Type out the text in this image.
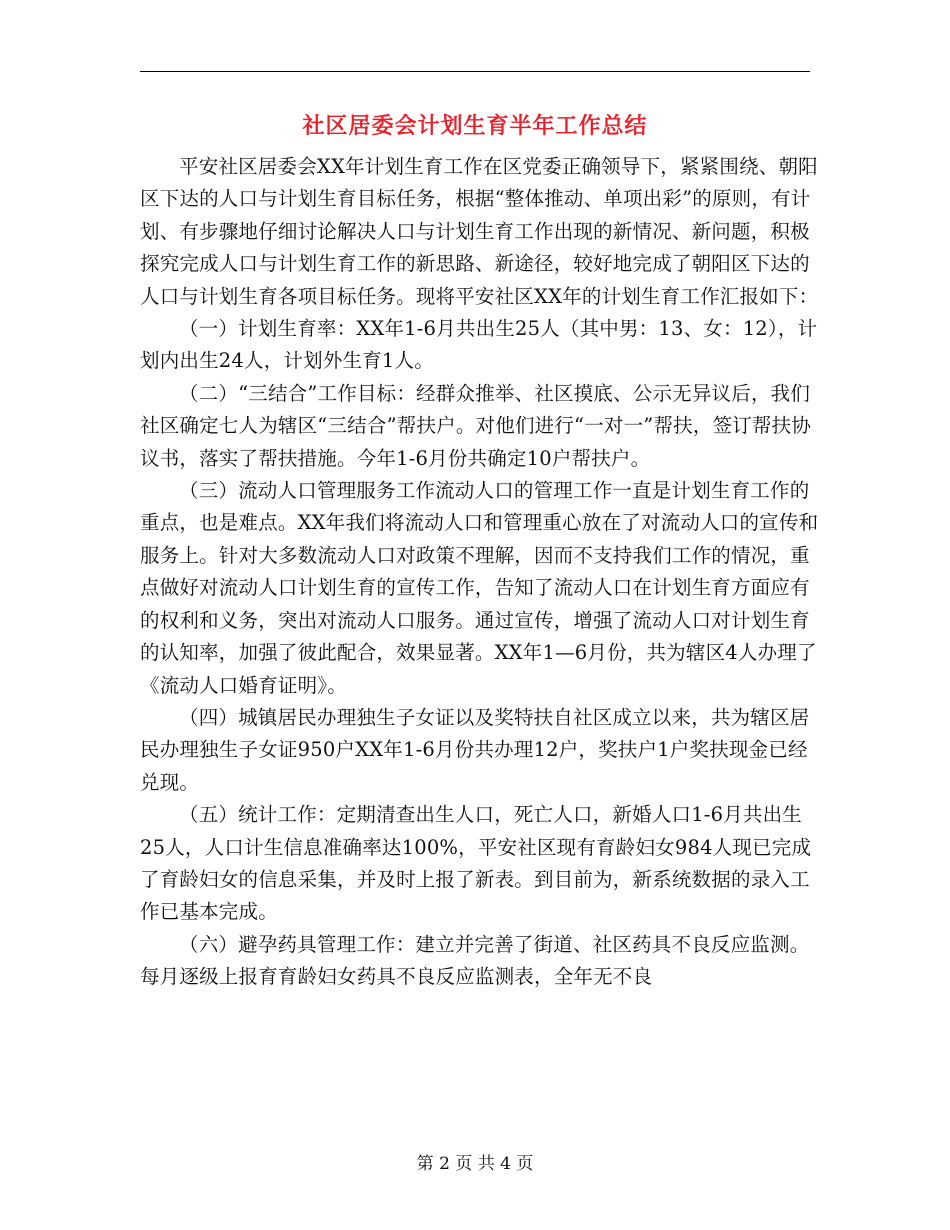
社区居委会计划生育半年工作总结

平安社区居委会XX年计划生育工作在区党委正确领导下，紧紧围绕、朝阳区下达的人口与计划生育目标任务，根据“整体推动、单项出彩”的原则，有计划、有步骤地仔细讨论解决人口与计划生育工作出现的新情况、新问题，积极探究完成人口与计划生育工作的新思路、新途径，较好地完成了朝阳区下达的人口与计划生育各项目标任务。现将平安社区XX年的计划生育工作汇报如下：

（一）计划生育率：XX年1-6月共出生25人（其中男：13、女：12），计划内出生24人，计划外生育1人。

（二）“三结合”工作目标：经群众推举、社区摸底、公示无异议后，我们社区确定七人为辖区“三结合”帮扶户。对他们进行“一对一”帮扶，签订帮扶协议书，落实了帮扶措施。今年1-6月份共确定10户帮扶户。

（三）流动人口管理服务工作流动人口的管理工作一直是计划生育工作的重点，也是难点。XX年我们将流动人口和管理重心放在了对流动人口的宣传和服务上。针对大多数流动人口对政策不理解，因而不支持我们工作的情况，重点做好对流动人口计划生育的宣传工作，告知了流动人口在计划生育方面应有的权利和义务，突出对流动人口服务。通过宣传，增强了流动人口对计划生育的认知率，加强了彼此配合，效果显著。XX年1—6月份，共为辖区4人办理了《流动人口婚育证明》。

（四）城镇居民办理独生子女证以及奖特扶自社区成立以来，共为辖区居民办理独生子女证950户XX年1-6月份共办理12户，奖扶户1户奖扶现金已经兑现。

（五）统计工作：定期清查出生人口，死亡人口，新婚人口1-6月共出生25人，人口计生信息准确率达100%，平安社区现有育龄妇女984人现已完成了育龄妇女的信息采集，并及时上报了新表。到目前为，新系统数据的录入工作已基本完成。

（六）避孕药具管理工作：建立并完善了街道、社区药具不良反应监测。每月逐级上报育育龄妇女药具不良反应监测表，全年无不良

第 2 页 共 4 页
